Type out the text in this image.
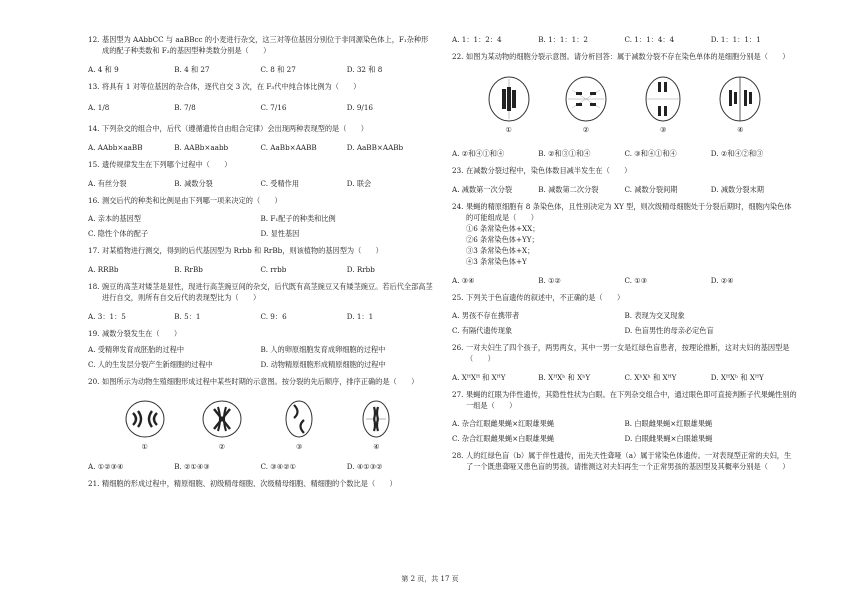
12. 基因型为 AAbbCC 与 aaBBcc 的小麦进行杂交，这三对等位基因分别位于非同源染色体上，F₁杂种形成的配子种类数和 F₂的基因型种类数分别是（　　）
A. 4 和 9	B. 4 和 27	C. 8 和 27	D. 32 和 8
13. 将具有 1 对等位基因的杂合体，逐代自交 3 次，在 F₃代中纯合体比例为（　　）
A. 1/8	B. 7/8	C. 7/16	D. 9/16
14. 下列杂交的组合中，后代（遵循遗传自由组合定律）会出现两种表现型的是（　　）
A. AAbb×aaBB	B. AABb×aabb	C. AaBb×AABB	D. AaBB×AABb
15. 遗传规律发生在下列哪个过程中（　　）
A. 有丝分裂	B. 减数分裂	C. 受精作用	D. 联会
16. 测交后代的种类和比例是由下列哪一项来决定的（　　）
A. 亲本的基因型	B. F₁配子的种类和比例
C. 隐性个体的配子	D. 显性基因
17. 对某植物进行测交，得到的后代基因型为 Rrbb 和 RrBb，则该植物的基因型为（　　）
A. RRBb	B. RrBb	C. rrbb	D. Rrbb
18. 豌豆的高茎对矮茎是显性，现进行高茎豌豆间的杂交，后代既有高茎豌豆又有矮茎豌豆。若后代全部高茎进行自交，则所有自交后代的表现型比为（　　）
A. 3：1：5	B. 5：1	C. 9：6	D. 1：1
19. 减数分裂发生在（　　）
A. 受精卵发育成胚胎的过程中	B. 人的卵原细胞发育成卵细胞的过程中
C. 人的生发层分裂产生新细胞的过程中	D. 动物精原细胞形成精原细胞的过程中
20. 如图所示为动物生殖细胞形成过程中某些时期的示意图。按分裂的先后顺序，排序正确的是（　　）
①	②	③	④
A. ①②③④	B. ②①④③	C. ③④②①	D. ④①③②
21. 精细胞的形成过程中，精原细胞、初级精母细胞、次级精母细胞、精细胞的个数比是（　　）
A. 1：1：2：4	B. 1：1：1：2	C. 1：1：4：4	D. 1：1：1：1
22. 如图为某动物的细胞分裂示意图。请分析回答：属于减数分裂不存在染色单体的是细胞分别是（　　）
①	②	③	④
A. ②和④①和④	B. ②和③①和④	C. ③和④①和④	D. ②和④②和③
23. 在减数分裂过程中，染色体数目减半发生在（　　）
A. 减数第一次分裂	B. 减数第二次分裂	C. 减数分裂间期	D. 减数分裂末期
24. 果蝇的精原细胞有 8 条染色体，且性别决定为 XY 型，则次级精母细胞处于分裂后期时，细胞内染色体的可能组成是（　　）
①6 条常染色体+XX；
②6 条常染色体+YY；
③3 条常染色体+X；
④3 条常染色体+Y
A. ③④	B. ①②	C. ①③	D. ②④
25. 下列关于色盲遗传的叙述中，不正确的是（　　）
A. 男孩不存在携带者	B. 表现为交叉现象
C. 有隔代遗传现象	D. 色盲男性的母亲必定色盲
26. 一对夫妇生了四个孩子，两男两女，其中一男一女是红绿色盲患者，按理论推断，这对夫妇的基因型是（　　）
A. XᴴXᴴ 和 XᴴY	B. XᴴXʰ 和 XʰY	C. XʰXʰ 和 XᴴY	D. XᴴXʰ 和 XᴴY
27. 果蝇的红眼为伴性遗传，其隐性性状为白眼。在下列杂交组合中，通过眼色即可直接判断子代果蝇性别的一组是（　　）
A. 杂合红眼雌果蝇×红眼雄果蝇	B. 白眼雌果蝇×红眼雄果蝇
C. 杂合红眼雌果蝇×白眼雄果蝇	D. 白眼雌果蝇×白眼雄果蝇
28. 人的红绿色盲（b）属于伴性遗传，而先天性聋哑（a）属于常染色体遗传。一对表现型正常的夫妇，生了一个既患聋哑又患色盲的男孩。请推测这对夫妇再生一个正常男孩的基因型及其概率分别是（　　）
第 2 页，共 17 页
